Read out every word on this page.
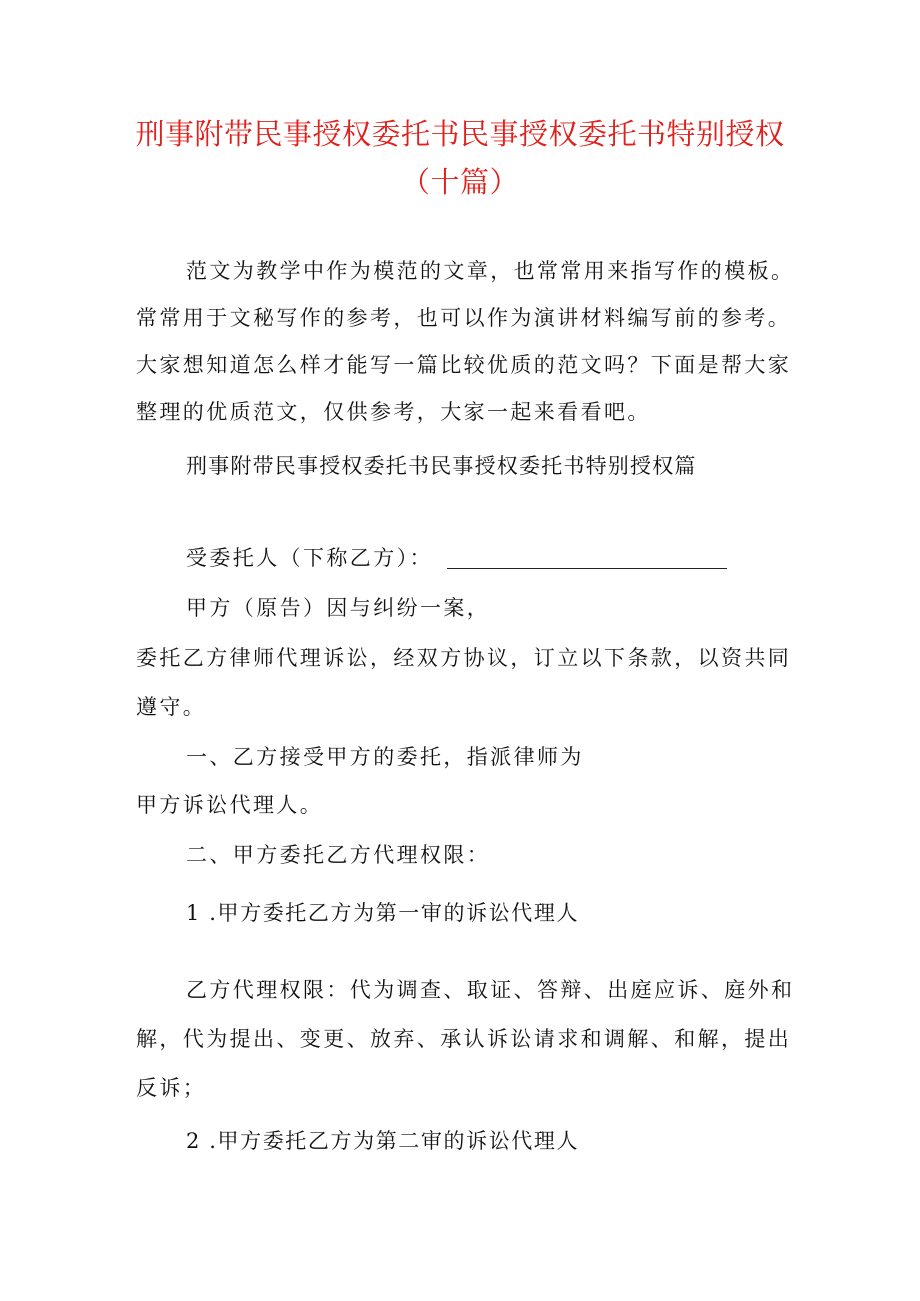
刑事附带民事授权委托书民事授权委托书特别授权
（十篇）
范文为教学中作为模范的文章，也常常用来指写作的模板。
常常用于文秘写作的参考，也可以作为演讲材料编写前的参考。
大家想知道怎么样才能写一篇比较优质的范文吗？下面是帮大家
整理的优质范文，仅供参考，大家一起来看看吧。
刑事附带民事授权委托书民事授权委托书特别授权篇
受委托人（下称乙方）：
甲方（原告）因与纠纷一案，
委托乙方律师代理诉讼，经双方协议，订立以下条款，以资共同
遵守。
一、乙方接受甲方的委托，指派律师为
甲方诉讼代理人。
二、甲方委托乙方代理权限：
1 .甲方委托乙方为第一审的诉讼代理人
乙方代理权限：代为调查、取证、答辩、出庭应诉、庭外和
解，代为提出、变更、放弃、承认诉讼请求和调解、和解，提出
反诉；
2 .甲方委托乙方为第二审的诉讼代理人
